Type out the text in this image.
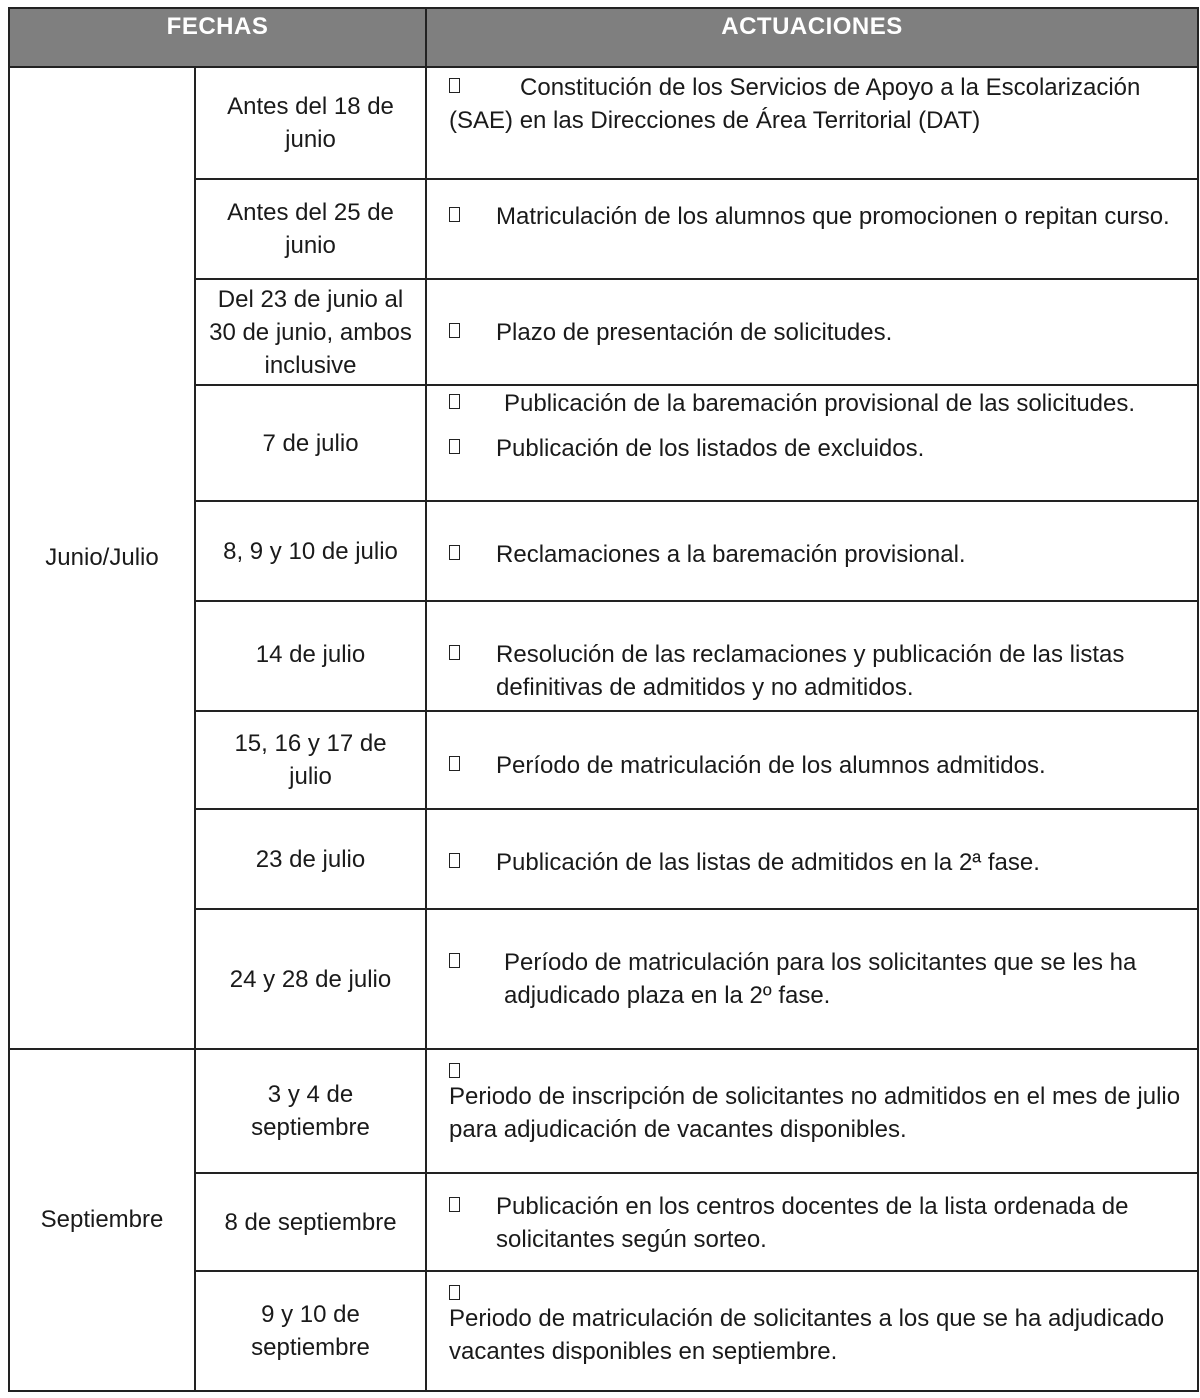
FECHAS		ACTUACIONES
Junio/Julio	Antes del 18 de junio	Constitución de los Servicios de Apoyo a la Escolarización (SAE) en las Direcciones de Área Territorial (DAT)

	Antes del 25 de junio	Matriculación de los alumnos que promocionen o repitan curso.

	Del 23 de junio al 30 de junio, ambos inclusive	Plazo de presentación de solicitudes.

	7 de julio	Publicación de la baremación provisional de las solicitudes.
Publicación de los listados de excluidos.

	8, 9 y 10 de julio	Reclamaciones a la baremación provisional.

	14 de julio	Resolución de las reclamaciones y publicación de las listas definitivas de admitidos y no admitidos.

	15, 16 y 17 de julio	Período de matriculación de los alumnos admitidos.

	23 de julio	Publicación de las listas de admitidos en la 2ª fase.

	24 y 28 de julio	Período de matriculación para los solicitantes que se les ha adjudicado plaza en la 2º fase.

Septiembre	3 y 4 de septiembre	Periodo de inscripción de solicitantes no admitidos en el mes de julio para adjudicación de vacantes disponibles.

	8 de septiembre	Publicación en los centros docentes de la lista ordenada de solicitantes según sorteo.

	9 y 10 de septiembre	Periodo de matriculación de solicitantes a los que se ha adjudicado vacantes disponibles en septiembre.
